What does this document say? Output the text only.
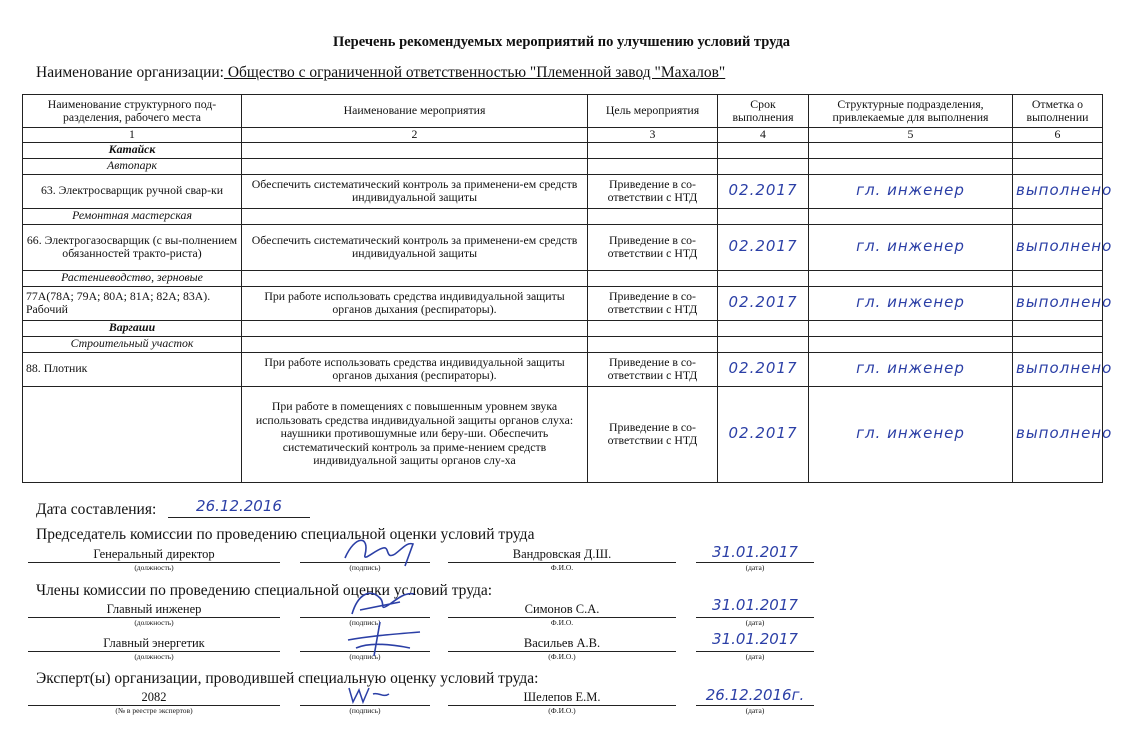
Перечень рекомендуемых мероприятий по улучшению условий труда
Наименование организации: Общество с ограниченной ответственностью "Племенной завод "Махалов"
Наименование структурного под-разделения, рабочего места	Наименование мероприятия	Цель мероприятия	Срок выполнения	Структурные подразделения, привлекаемые для выполнения	Отметка о выполнении
1	2	3	4	5	6
Катайск					
Автопарк					
63. Электросварщик ручной свар-ки	Обеспечить систематический контроль за применени-ем средств индивидуальной защиты	Приведение в со-ответствии с НТД	02.2017	гл. инженер	выполнено
Ремонтная мастерская					
66. Электрогазосварщик (с вы-полнением обязанностей тракто-риста)	Обеспечить систематический контроль за применени-ем средств индивидуальной защиты	Приведение в со-ответствии с НТД	02.2017	гл. инженер	выполнено
Растениеводство, зерновые					
77А(78А; 79А; 80А; 81А; 82А; 83А). Рабочий	При работе использовать средства индивидуальной защиты органов дыхания (респираторы).	Приведение в со-ответствии с НТД	02.2017	гл. инженер	выполнено
Варгаши					
Строительный участок					
88. Плотник	При работе использовать средства индивидуальной защиты органов дыхания (респираторы).	Приведение в со-ответствии с НТД	02.2017	гл. инженер	выполнено
	При работе в помещениях с повышенным уровнем звука использовать средства индивидуальной защиты органов слуха: наушники противошумные или беру-ши. Обеспечить систематический контроль за приме-нением средств индивидуальной защиты органов слу-ха	Приведение в со-ответствии с НТД	02.2017	гл. инженер	выполнено
Дата составления:	26.12.2016
Председатель комиссии по проведению специальной оценки условий труда
Генеральный директор
(должность)	(подпись)
Вандровская Д.Ш.
Ф.И.О.
31.01.2017
(дата)
Члены комиссии по проведению специальной оценки условий труда:
Главный инженер
(должность)	(подпись)
Симонов С.А.
Ф.И.О.
31.01.2017
(дата)
Главный энергетик
(должность)	(подпись)
Васильев А.В.
(Ф.И.О.)
31.01.2017
(дата)
Эксперт(ы) организации, проводившей специальную оценку условий труда:
2082
(№ в реестре экспертов)	(подпись)
Шелепов Е.М.
(Ф.И.О.)
26.12.2016г.
(дата)
